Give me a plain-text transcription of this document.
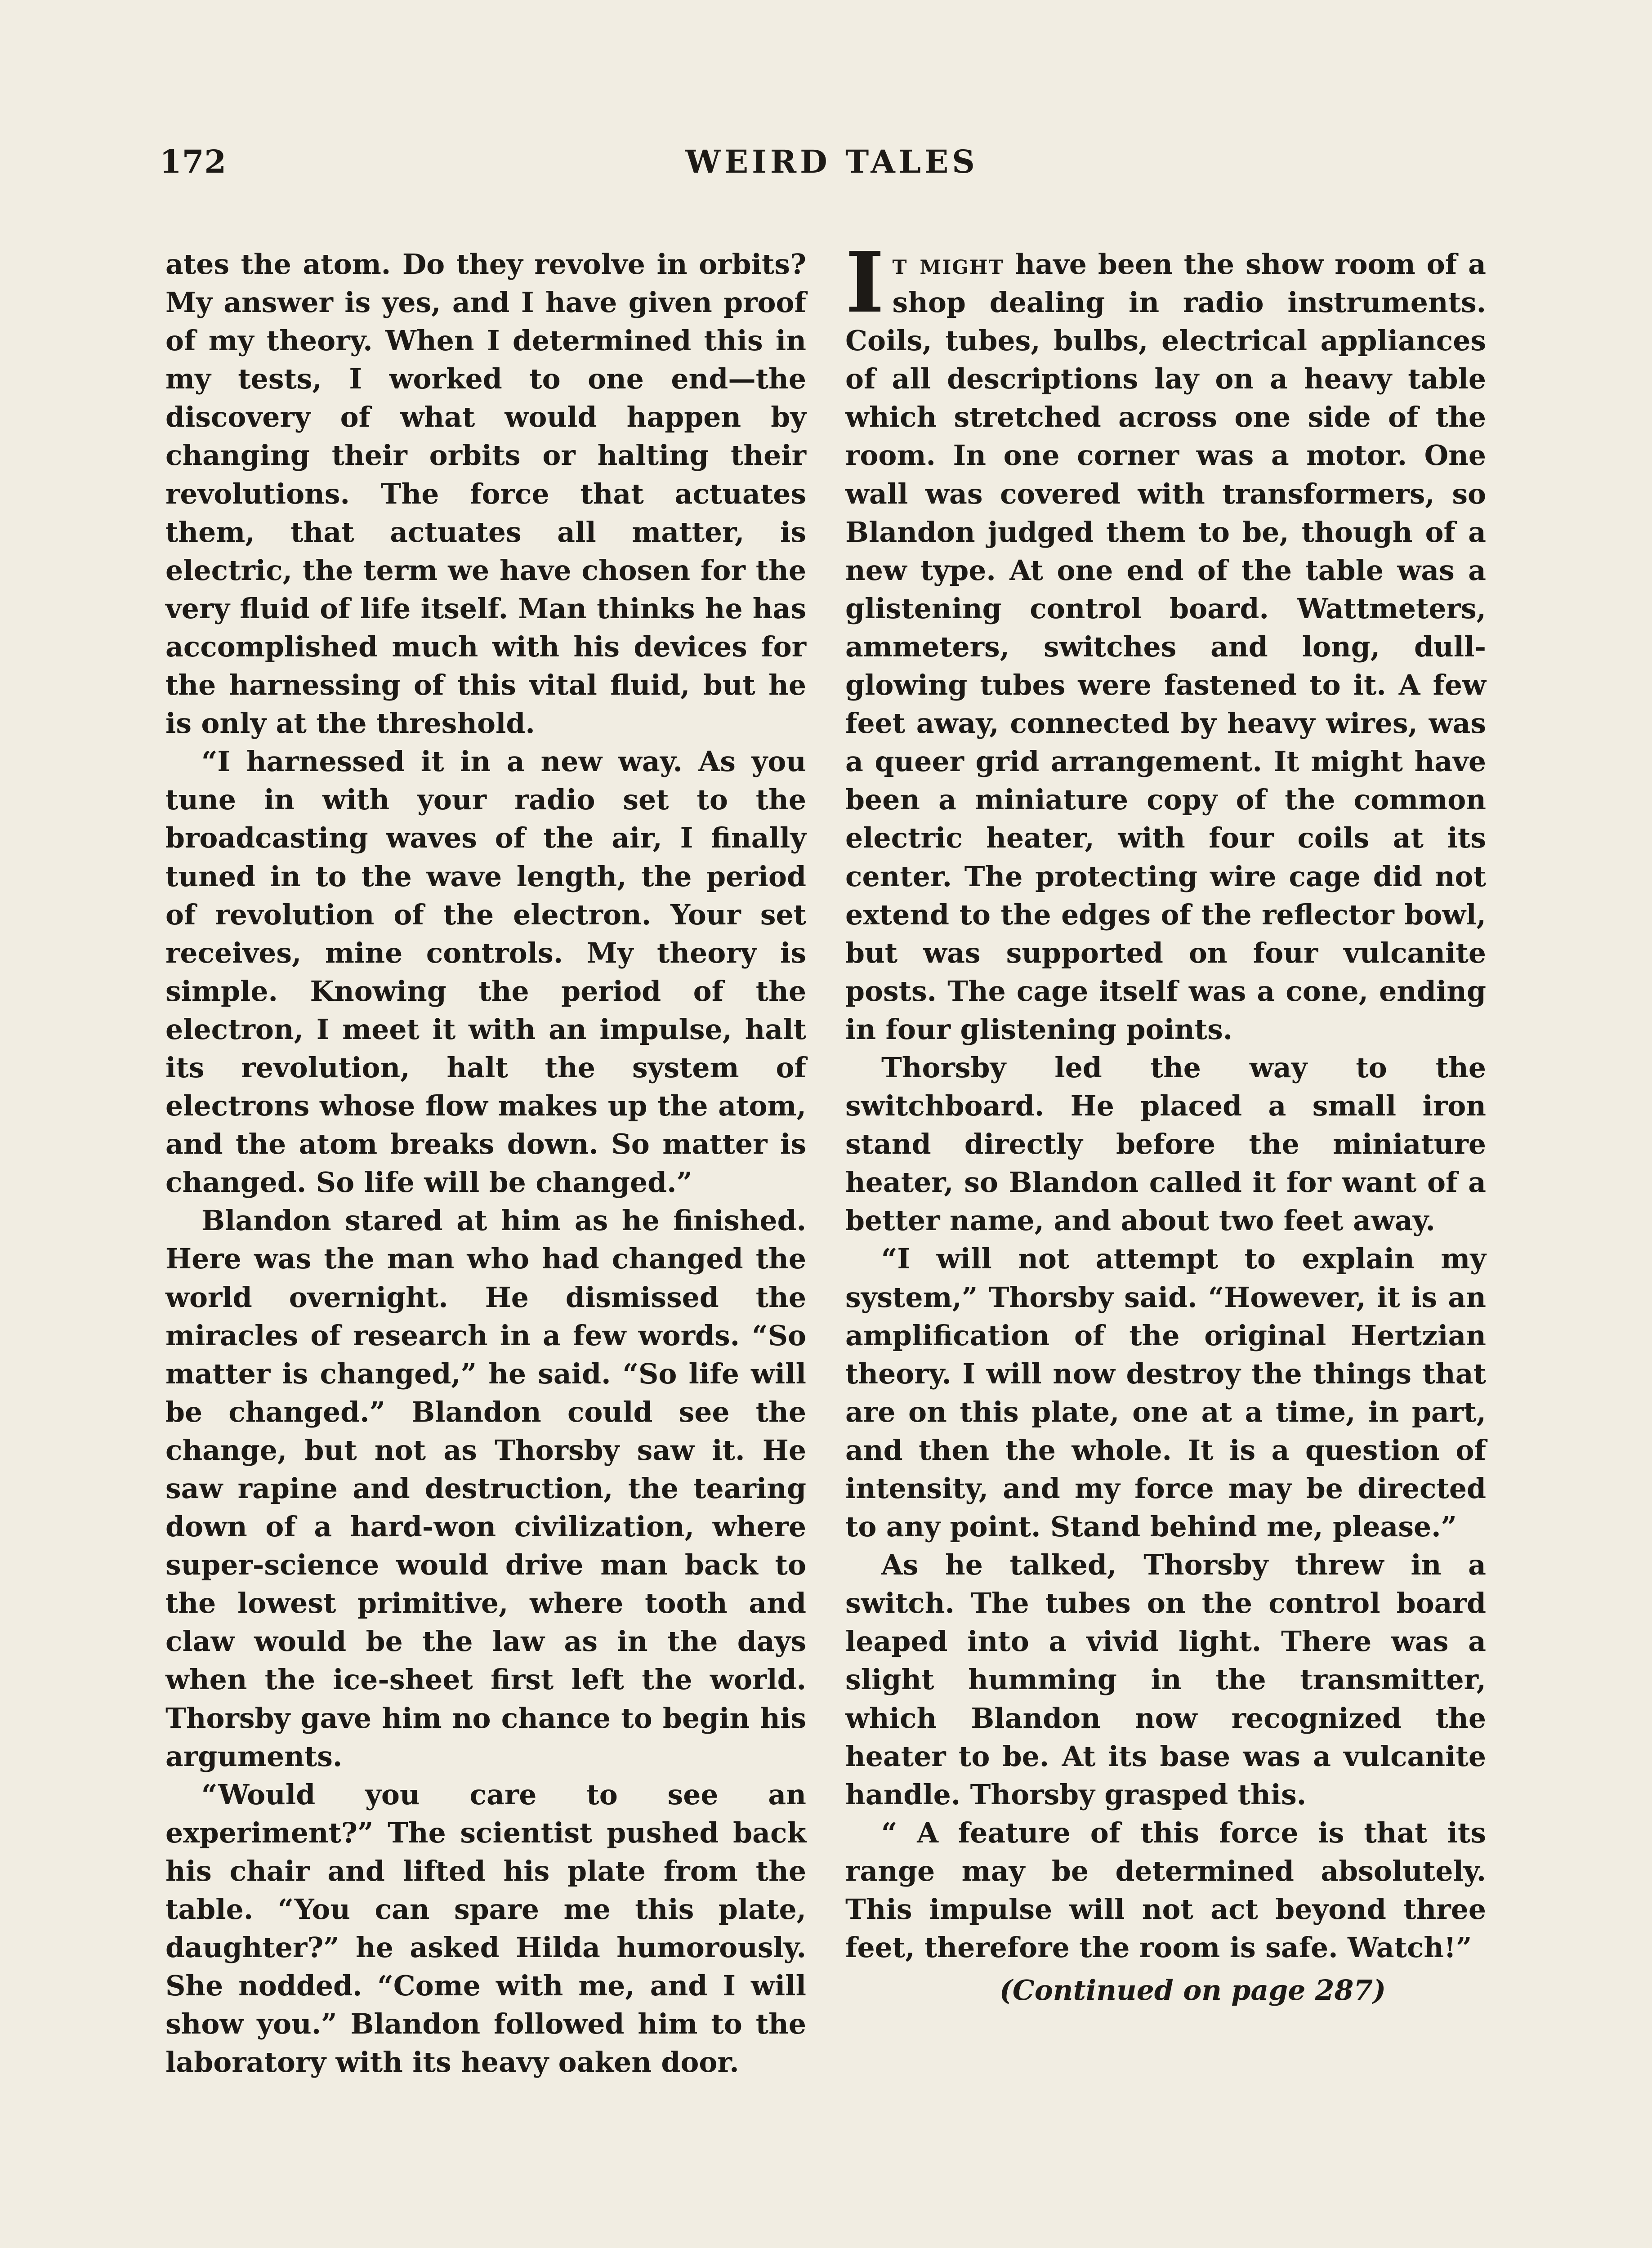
172	WEIRD TALES

ates the atom. Do they revolve in orbits? My answer is yes, and I have given proof of my theory. When I determined this in my tests, I worked to one end—the discovery of what would happen by changing their orbits or halting their revolutions. The force that actuates them, that actuates all matter, is electric, the term we have chosen for the very fluid of life itself. Man thinks he has accomplished much with his devices for the harnessing of this vital fluid, but he is only at the threshold.

“I harnessed it in a new way. As you tune in with your radio set to the broadcasting waves of the air, I finally tuned in to the wave length, the period of revolution of the electron. Your set receives, mine controls. My theory is simple. Knowing the period of the electron, I meet it with an impulse, halt its revolution, halt the system of electrons whose flow makes up the atom, and the atom breaks down. So matter is changed. So life will be changed.”

Blandon stared at him as he finished. Here was the man who had changed the world overnight. He dismissed the miracles of research in a few words. “So matter is changed,” he said. “So life will be changed.” Blandon could see the change, but not as Thorsby saw it. He saw rapine and destruction, the tearing down of a hard-won civilization, where super-science would drive man back to the lowest primitive, where tooth and claw would be the law as in the days when the ice-sheet first left the world. Thorsby gave him no chance to begin his arguments.

“Would you care to see an experiment?” The scientist pushed back his chair and lifted his plate from the table. “You can spare me this plate, daughter?” he asked Hilda humorously. She nodded. “Come with me, and I will show you.” Blandon followed him to the laboratory with its heavy oaken door.

It might have been the show room of a shop dealing in radio instruments. Coils, tubes, bulbs, electrical appliances of all descriptions lay on a heavy table which stretched across one side of the room. In one corner was a motor. One wall was covered with transformers, so Blandon judged them to be, though of a new type. At one end of the table was a glistening control board. Wattmeters, ammeters, switches and long, dull-glowing tubes were fastened to it. A few feet away, connected by heavy wires, was a queer grid arrangement. It might have been a miniature copy of the common electric heater, with four coils at its center. The protecting wire cage did not extend to the edges of the reflector bowl, but was supported on four vulcanite posts. The cage itself was a cone, ending in four glistening points.

Thorsby led the way to the switchboard. He placed a small iron stand directly before the miniature heater, so Blandon called it for want of a better name, and about two feet away.

“I will not attempt to explain my system,” Thorsby said. “However, it is an amplification of the original Hertzian theory. I will now destroy the things that are on this plate, one at a time, in part, and then the whole. It is a question of intensity, and my force may be directed to any point. Stand behind me, please.”

As he talked, Thorsby threw in a switch. The tubes on the control board leaped into a vivid light. There was a slight humming in the transmitter, which Blandon now recognized the heater to be. At its base was a vulcanite handle. Thorsby grasped this.

“ A feature of this force is that its range may be determined absolutely. This impulse will not act beyond three feet, therefore the room is safe. Watch!”

(Continued on page 287)
